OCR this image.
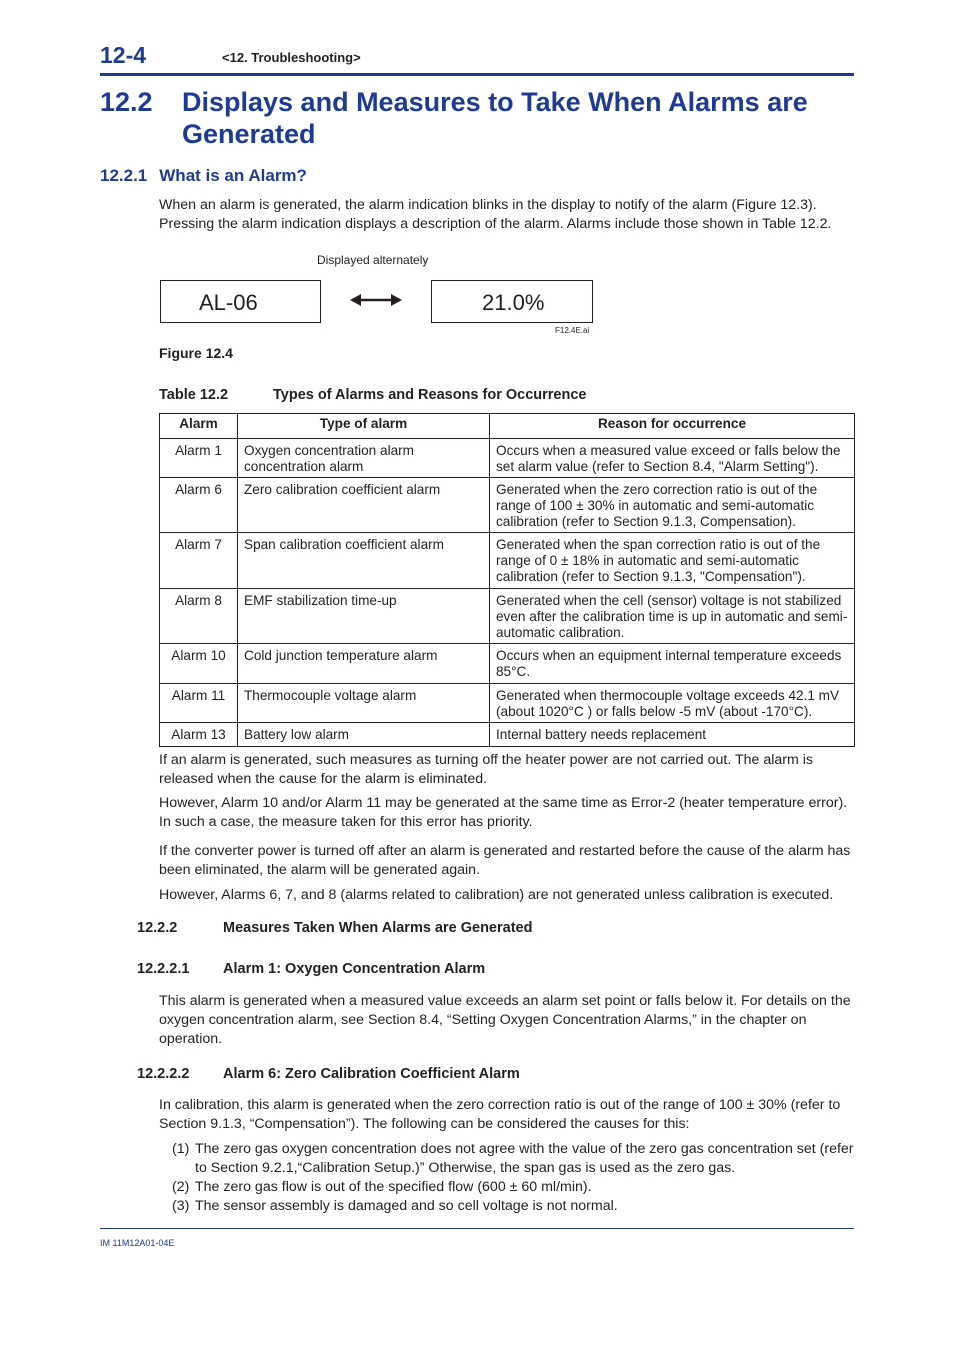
12-4	<12. Troubleshooting>
12.2 Displays and Measures to Take When Alarms are Generated
12.2.1 What is an Alarm?

When an alarm is generated, the alarm indication blinks in the display to notify of the alarm (Figure 12.3). Pressing the alarm indication displays a description of the alarm. Alarms include those shown in Table 12.2.

Displayed alternately
AL-06	21.0%
F12.4E.ai
Figure 12.4
Table 12.2	Types of Alarms and Reasons for Occurrence
Alarm	Type of alarm	Reason for occurrence
Alarm 1	Oxygen concentration alarm concentration alarm	Occurs when a measured value exceed or falls below the set alarm value (refer to Section 8.4, "Alarm Setting").
Alarm 6	Zero calibration coefficient alarm	Generated when the zero correction ratio is out of the range of 100 ± 30% in automatic and semi-automatic calibration (refer to Section 9.1.3, Compensation).
Alarm 7	Span calibration coefficient alarm	Generated when the span correction ratio is out of the range of 0 ± 18% in automatic and semi-automatic calibration (refer to Section 9.1.3, "Compensation").
Alarm 8	EMF stabilization time-up	Generated when the cell (sensor) voltage is not stabilized even after the calibration time is up in automatic and semi-automatic calibration.
Alarm 10	Cold junction temperature alarm	Occurs when an equipment internal temperature exceeds 85°C.
Alarm 11	Thermocouple voltage alarm	Generated when thermocouple voltage exceeds 42.1 mV (about 1020°C ) or falls below -5 mV (about -170°C).
Alarm 13	Battery low alarm	Internal battery needs replacement

If an alarm is generated, such measures as turning off the heater power are not carried out. The alarm is released when the cause for the alarm is eliminated.

However, Alarm 10 and/or Alarm 11 may be generated at the same time as Error-2 (heater temperature error). In such a case, the measure taken for this error has priority.

If the converter power is turned off after an alarm is generated and restarted before the cause of the alarm has been eliminated, the alarm will be generated again.

However, Alarms 6, 7, and 8 (alarms related to calibration) are not generated unless calibration is executed.

12.2.2	Measures Taken When Alarms are Generated
12.2.2.1 Alarm 1: Oxygen Concentration Alarm

This alarm is generated when a measured value exceeds an alarm set point or falls below it. For details on the oxygen concentration alarm, see Section 8.4, “Setting Oxygen Concentration Alarms,” in the chapter on operation.

12.2.2.2 Alarm 6: Zero Calibration Coefficient Alarm

In calibration, this alarm is generated when the zero correction ratio is out of the range of 100 ± 30% (refer to Section 9.1.3, “Compensation”). The following can be considered the causes for this:

(1) The zero gas oxygen concentration does not agree with the value of the zero gas concentration set (refer to Section 9.2.1,“Calibration Setup.)” Otherwise, the span gas is used as the zero gas.
(2) The zero gas flow is out of the specified flow (600 ± 60 ml/min).
(3) The sensor assembly is damaged and so cell voltage is not normal.
IM 11M12A01-04E
